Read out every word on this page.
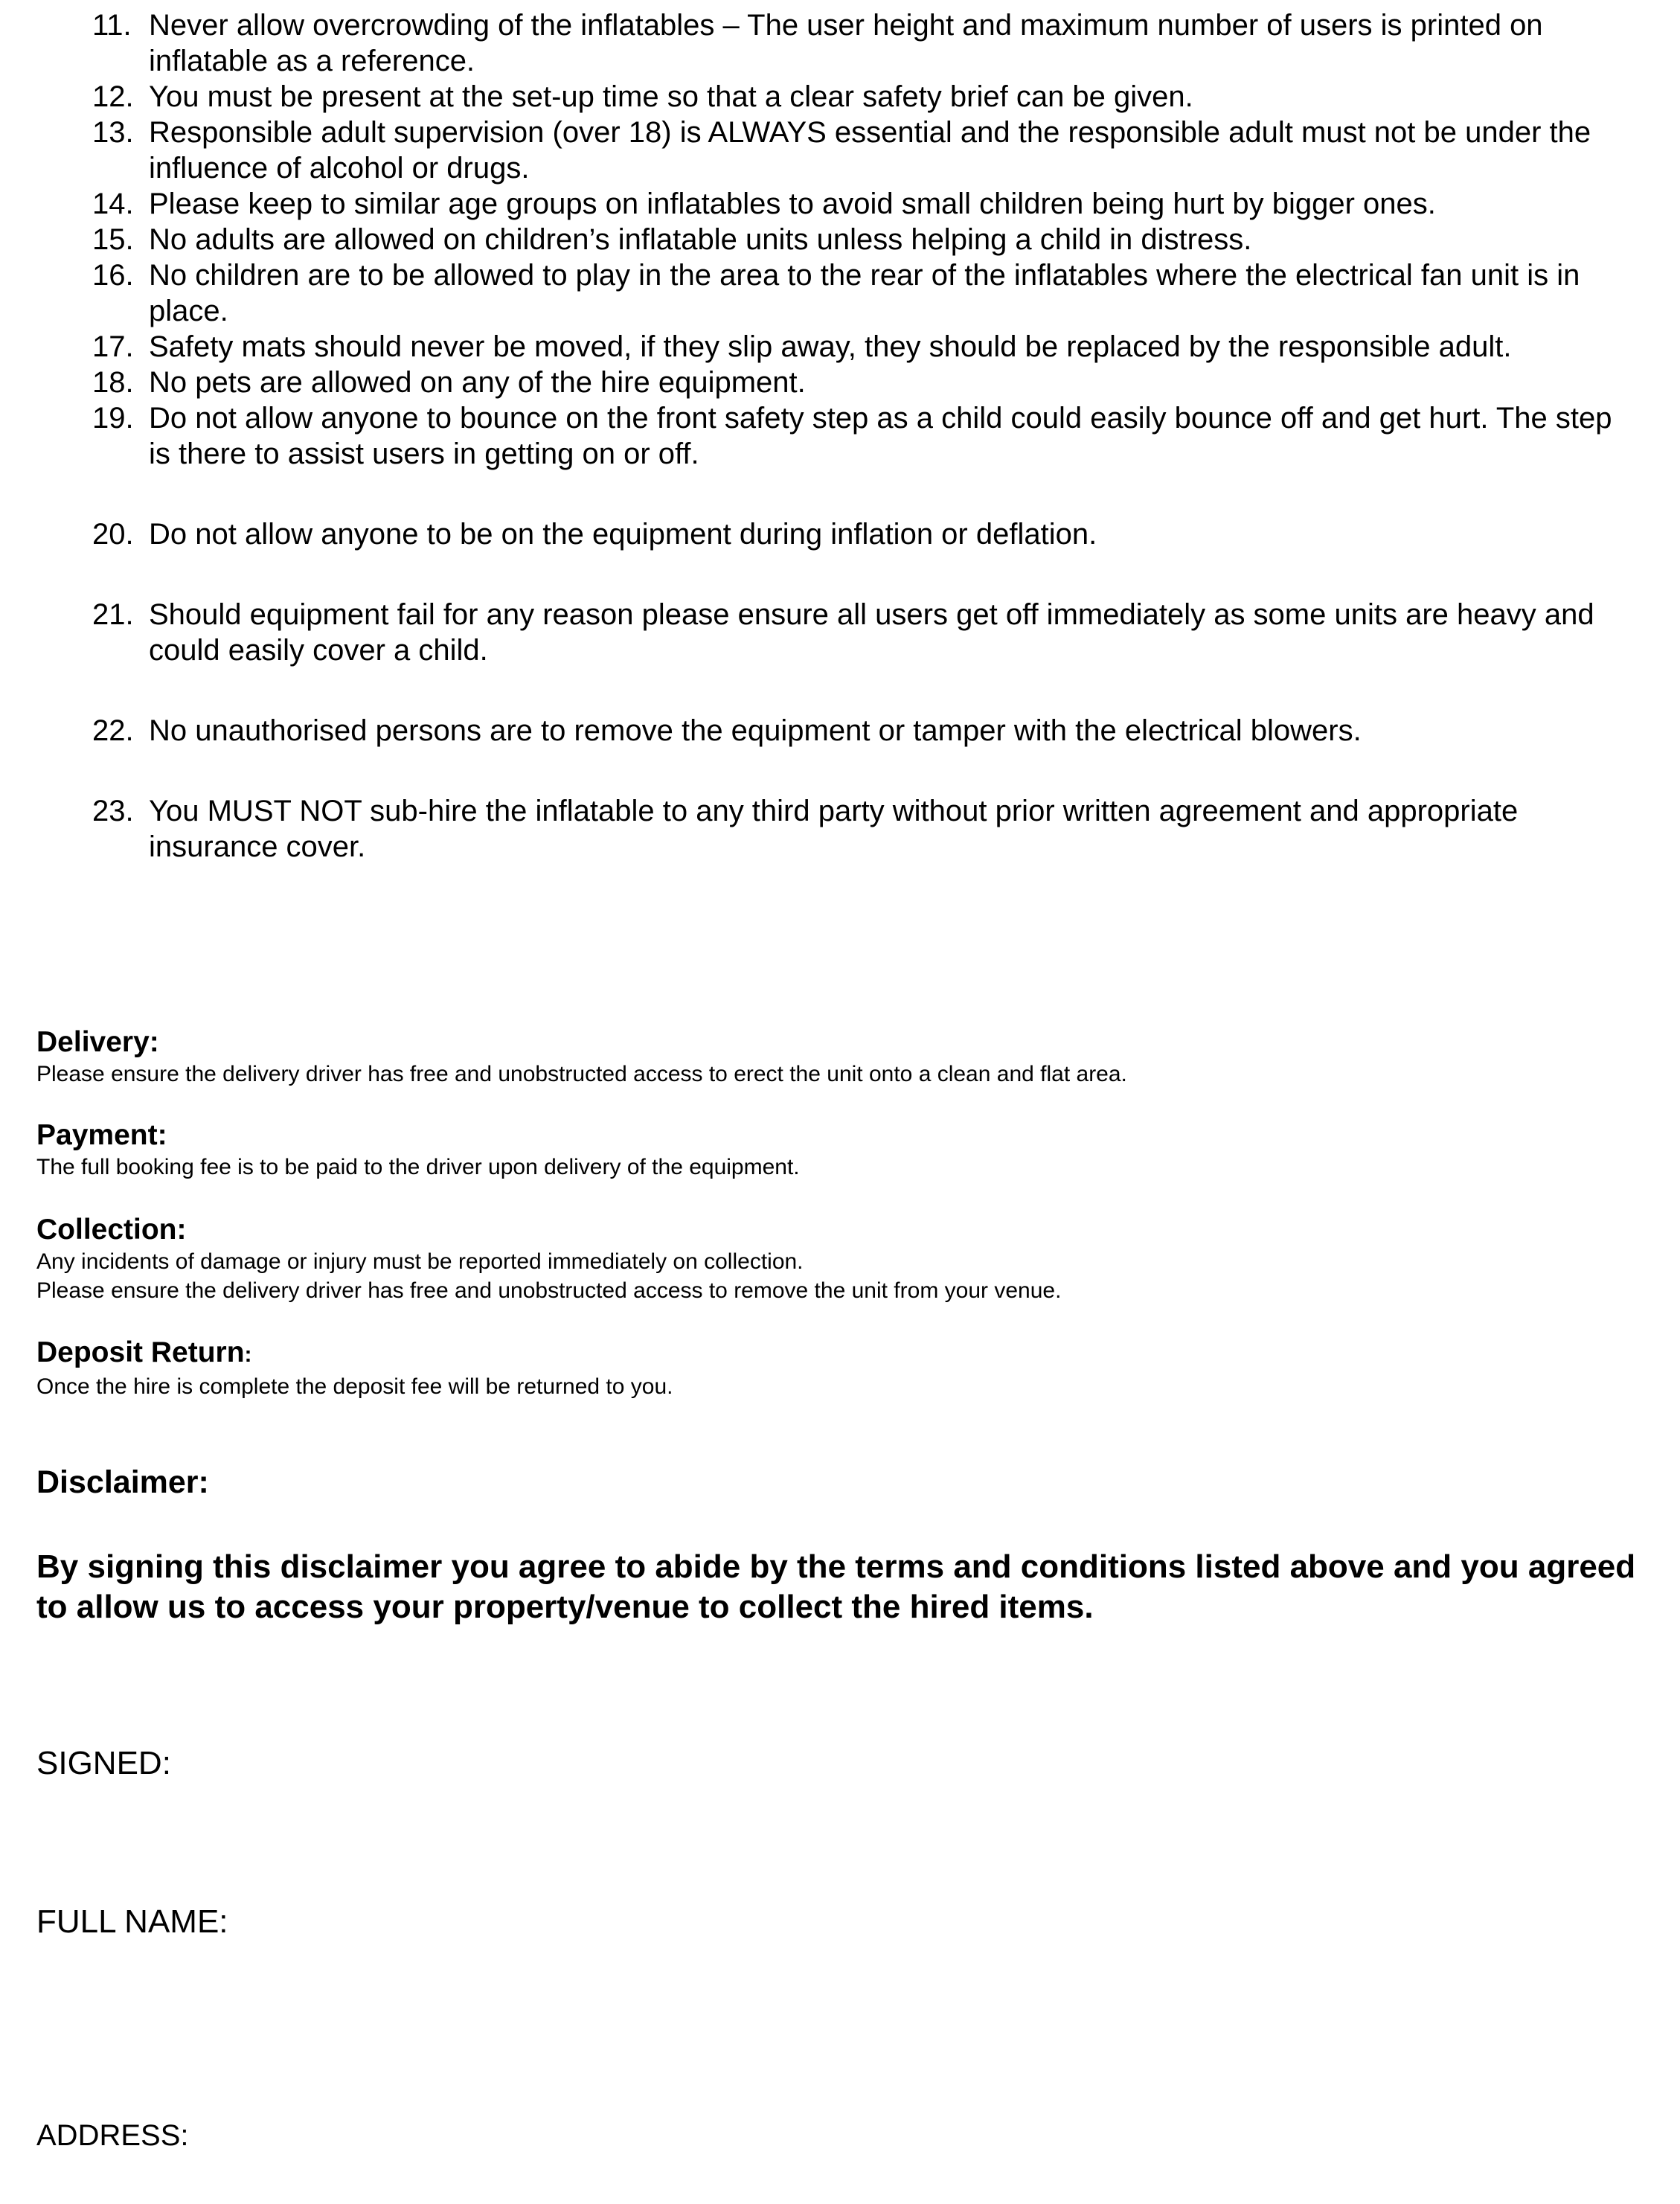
11. Never allow overcrowding of the inflatables – The user height and maximum number of users is printed on inflatable as a reference.
12. You must be present at the set-up time so that a clear safety brief can be given.
13. Responsible adult supervision (over 18) is ALWAYS essential and the responsible adult must not be under the influence of alcohol or drugs.
14. Please keep to similar age groups on inflatables to avoid small children being hurt by bigger ones.
15. No adults are allowed on children’s inflatable units unless helping a child in distress.
16. No children are to be allowed to play in the area to the rear of the inflatables where the electrical fan unit is in place.
17. Safety mats should never be moved, if they slip away, they should be replaced by the responsible adult.
18. No pets are allowed on any of the hire equipment.
19. Do not allow anyone to bounce on the front safety step as a child could easily bounce off and get hurt. The step is there to assist users in getting on or off.
20. Do not allow anyone to be on the equipment during inflation or deflation.
21. Should equipment fail for any reason please ensure all users get off immediately as some units are heavy and could easily cover a child.
22. No unauthorised persons are to remove the equipment or tamper with the electrical blowers.
23. You MUST NOT sub-hire the inflatable to any third party without prior written agreement and appropriate insurance cover.
Delivery:

Please ensure the delivery driver has free and unobstructed access to erect the unit onto a clean and flat area.

Payment:

The full booking fee is to be paid to the driver upon delivery of the equipment.

Collection:

Any incidents of damage or injury must be reported immediately on collection.

Please ensure the delivery driver has free and unobstructed access to remove the unit from your venue.

Deposit Return:

Once the hire is complete the deposit fee will be returned to you.

Disclaimer:

By signing this disclaimer you agree to abide by the terms and conditions listed above and you agreed to allow us to access your property/venue to collect the hired items.

SIGNED:

FULL NAME:

ADDRESS:
